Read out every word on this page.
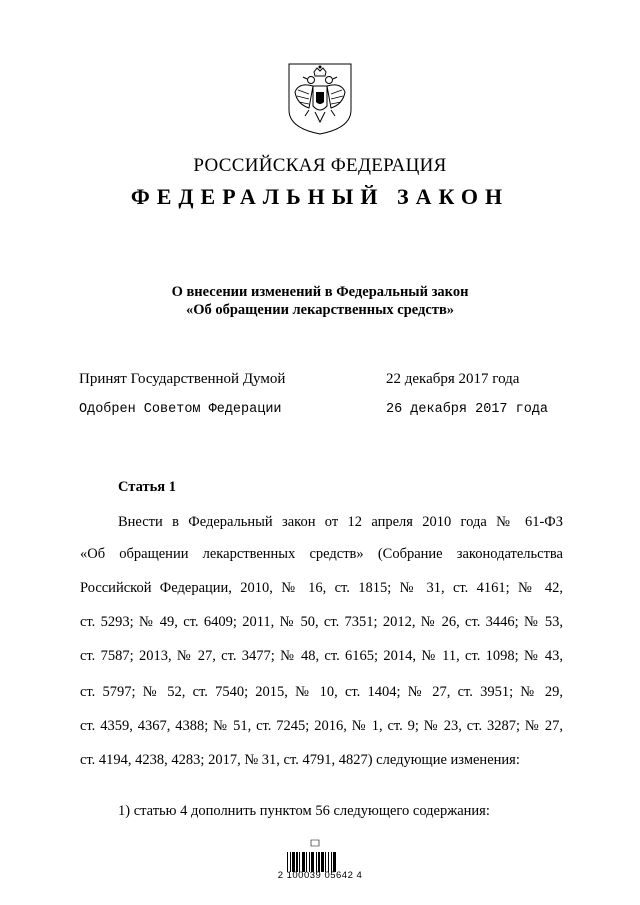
РОССИЙСКАЯ ФЕДЕРАЦИЯ
ФЕДЕРАЛЬНЫЙ ЗАКОН
О внесении изменений в Федеральный закон
«Об обращении лекарственных средств»
Принят Государственной Думой	22 декабря 2017 года
Одобрен Советом Федерации	26 декабря 2017 года
Статья 1
Внести в Федеральный закон от 12 апреля 2010 года № 61-ФЗ
«Об обращении лекарственных средств» (Собрание законодательства
Российской Федерации, 2010, № 16, ст. 1815; № 31, ст. 4161; № 42,
ст. 5293; № 49, ст. 6409; 2011, № 50, ст. 7351; 2012, № 26, ст. 3446; № 53,
ст. 7587; 2013, № 27, ст. 3477; № 48, ст. 6165; 2014, № 11, ст. 1098; № 43,
ст. 5797; № 52, ст. 7540; 2015, № 10, ст. 1404; № 27, ст. 3951; № 29,
ст. 4359, 4367, 4388; № 51, ст. 7245; 2016, № 1, ст. 9; № 23, ст. 3287; № 27,
ст. 4194, 4238, 4283; 2017, № 31, ст. 4791, 4827) следующие изменения:
1) статью 4 дополнить пунктом 56 следующего содержания:
2 100039 05642 4
